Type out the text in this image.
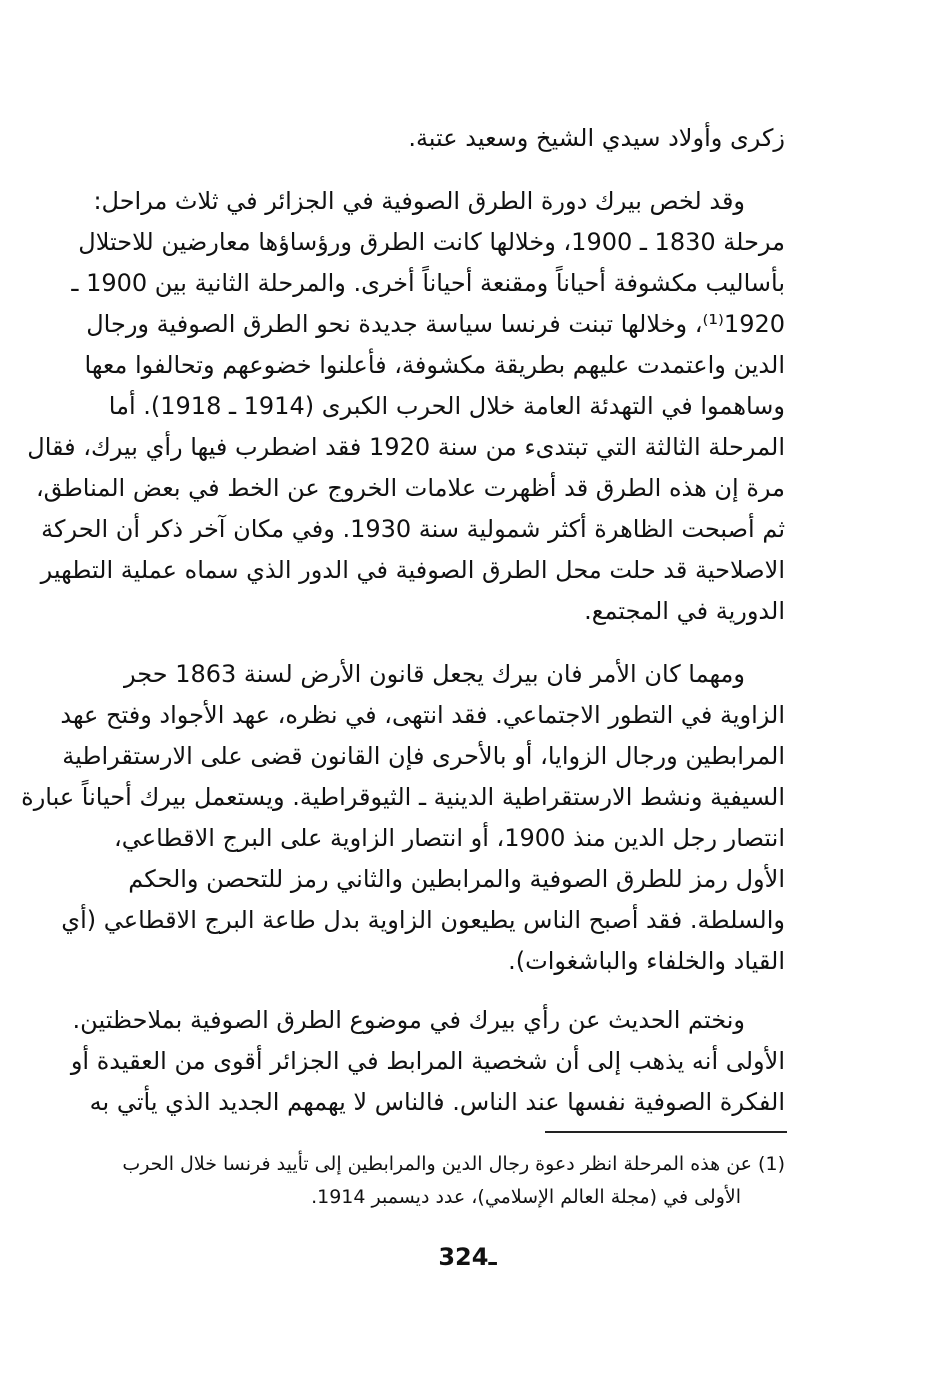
زكرى وأولاد سيدي الشيخ وسعيد عتبة.
وقد لخص بيرك دورة الطرق الصوفية في الجزائر في ثلاث مراحل:
مرحلة 1830 ـ 1900، وخلالها كانت الطرق ورؤساؤها معارضين للاحتلال
بأساليب مكشوفة أحياناً ومقنعة أحياناً أخرى. والمرحلة الثانية بين 1900 ـ
1920⁽¹⁾، وخلالها تبنت فرنسا سياسة جديدة نحو الطرق الصوفية ورجال
الدين واعتمدت عليهم بطريقة مكشوفة، فأعلنوا خضوعهم وتحالفوا معها
وساهموا في التهدئة العامة خلال الحرب الكبرى (1914 ـ 1918). أما
المرحلة الثالثة التي تبتدىء من سنة 1920 فقد اضطرب فيها رأي بيرك، فقال
مرة إن هذه الطرق قد أظهرت علامات الخروج عن الخط في بعض المناطق،
ثم أصبحت الظاهرة أكثر شمولية سنة 1930. وفي مكان آخر ذكر أن الحركة
الاصلاحية قد حلت محل الطرق الصوفية في الدور الذي سماه عملية التطهير
الدورية في المجتمع.
ومهما كان الأمر فان بيرك يجعل قانون الأرض لسنة 1863 حجر
الزاوية في التطور الاجتماعي. فقد انتهى، في نظره، عهد الأجواد وفتح عهد
المرابطين ورجال الزوايا، أو بالأحرى فإن القانون قضى على الارستقراطية
السيفية ونشط الارستقراطية الدينية ـ الثيوقراطية. ويستعمل بيرك أحياناً عبارة
انتصار رجل الدين منذ 1900، أو انتصار الزاوية على البرج الاقطاعي،
الأول رمز للطرق الصوفية والمرابطين والثاني رمز للتحصن والحكم
والسلطة. فقد أصبح الناس يطيعون الزاوية بدل طاعة البرج الاقطاعي (أي
القياد والخلفاء والباشغوات).
ونختم الحديث عن رأي بيرك في موضوع الطرق الصوفية بملاحظتين.
الأولى أنه يذهب إلى أن شخصية المرابط في الجزائر أقوى من العقيدة أو
الفكرة الصوفية نفسها عند الناس. فالناس لا يهمهم الجديد الذي يأتي به
(1) عن هذه المرحلة انظر دعوة رجال الدين والمرابطين إلى تأييد فرنسا خلال الحرب
الأولى في (مجلة العالم الإسلامي)، عدد ديسمبر 1914.
324ـ
